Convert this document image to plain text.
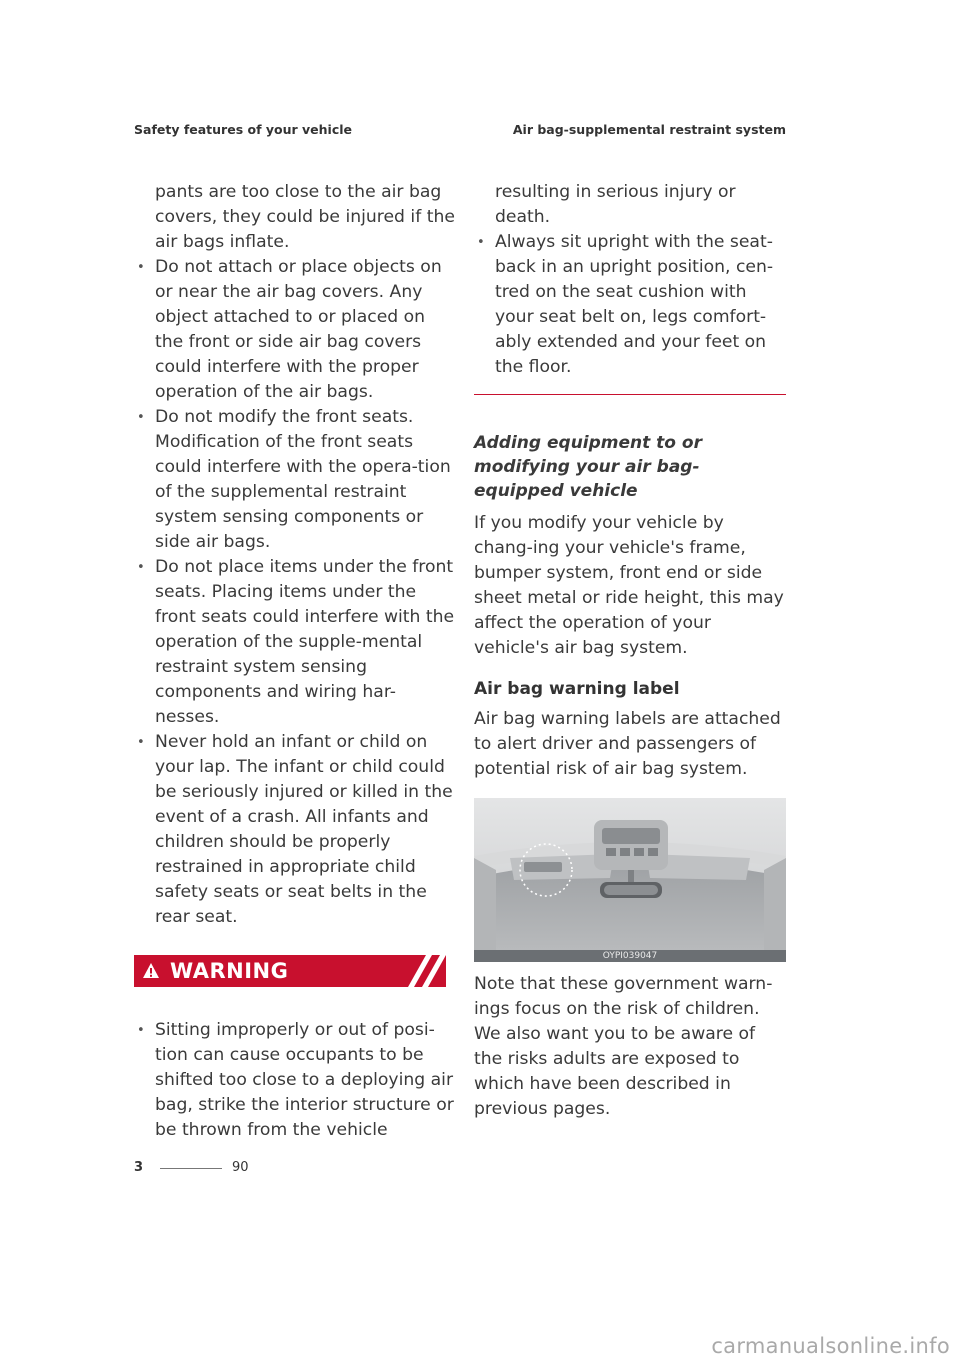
Safety features of your vehicle	Air bag-supplemental restraint system

pants are too close to the air bag covers, they could be injured if the air bags inflate.

• Do not attach or place objects on or near the air bag covers. Any object attached to or placed on the front or side air bag covers could interfere with the proper operation of the air bags.
• Do not modify the front seats. Modification of the front seats could interfere with the opera-tion of the supplemental restraint system sensing components or side air bags.
• Do not place items under the front seats. Placing items under the front seats could interfere with the operation of the supple-mental restraint system sensing components and wiring har-nesses.
• Never hold an infant or child on your lap. The infant or child could be seriously injured or killed in the event of a crash. All infants and children should be properly restrained in appropriate child safety seats or seat belts in the rear seat.
WARNING
• Sitting improperly or out of posi-tion can cause occupants to be shifted too close to a deploying air bag, strike the interior structure or be thrown from the vehicle

resulting in serious injury or death.

• Always sit upright with the seat-back in an upright position, cen-tred on the seat cushion with your seat belt on, legs comfort-ably extended and your feet on the floor.
Adding equipment to or modifying your air bag-equipped vehicle

If you modify your vehicle by chang-ing your vehicle's frame, bumper system, front end or side sheet metal or ride height, this may affect the operation of your vehicle's air bag system.

Air bag warning label

Air bag warning labels are attached to alert driver and passengers of potential risk of air bag system.

OYPI039047

Note that these government warn-ings focus on the risk of children. We also want you to be aware of the risks adults are exposed to which have been described in previous pages.

3	90
carmanualsonline.info
